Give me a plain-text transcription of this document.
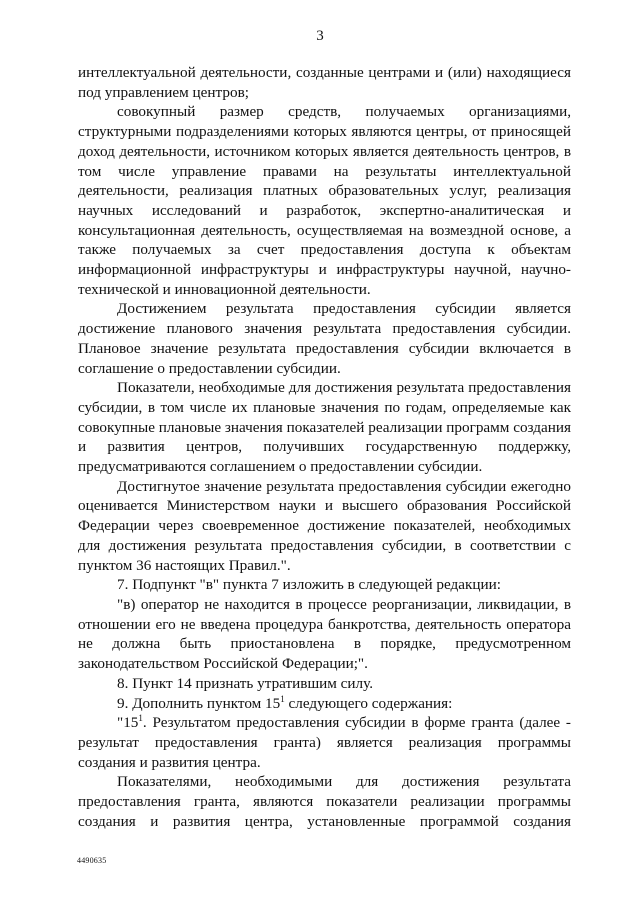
3

интеллектуальной деятельности, созданные центрами и (или) находящиеся под управлением центров;

совокупный размер средств, получаемых организациями, структурными подразделениями которых являются центры, от приносящей доход деятельности, источником которых является деятельность центров, в том числе управление правами на результаты интеллектуальной деятельности, реализация платных образовательных услуг, реализация научных исследований и разработок, экспертно-аналитическая и консультационная деятельность, осуществляемая на возмездной основе, а также получаемых за счет предоставления доступа к объектам информационной инфраструктуры и инфраструктуры научной, научно-технической и инновационной деятельности.

Достижением результата предоставления субсидии является достижение планового значения результата предоставления субсидии. Плановое значение результата предоставления субсидии включается в соглашение о предоставлении субсидии.

Показатели, необходимые для достижения результата предоставления субсидии, в том числе их плановые значения по годам, определяемые как совокупные плановые значения показателей реализации программ создания и развития центров, получивших государственную поддержку, предусматриваются соглашением о предоставлении субсидии.

Достигнутое значение результата предоставления субсидии ежегодно оценивается Министерством науки и высшего образования Российской Федерации через своевременное достижение показателей, необходимых для достижения результата предоставления субсидии, в соответствии с пунктом 36 настоящих Правил.".

7. Подпункт "в" пункта 7 изложить в следующей редакции:

"в) оператор не находится в процессе реорганизации, ликвидации, в отношении его не введена процедура банкротства, деятельность оператора не должна быть приостановлена в порядке, предусмотренном законодательством Российской Федерации;".

8. Пункт 14 признать утратившим силу.

9. Дополнить пунктом $15^1$ следующего содержания:

"$15^1$. Результатом предоставления субсидии в форме гранта (далее - результат предоставления гранта) является реализация программы создания и развития центра.

Показателями, необходимыми для достижения результата предоставления гранта, являются показатели реализации программы создания и развития центра, установленные программой создания

4490635
